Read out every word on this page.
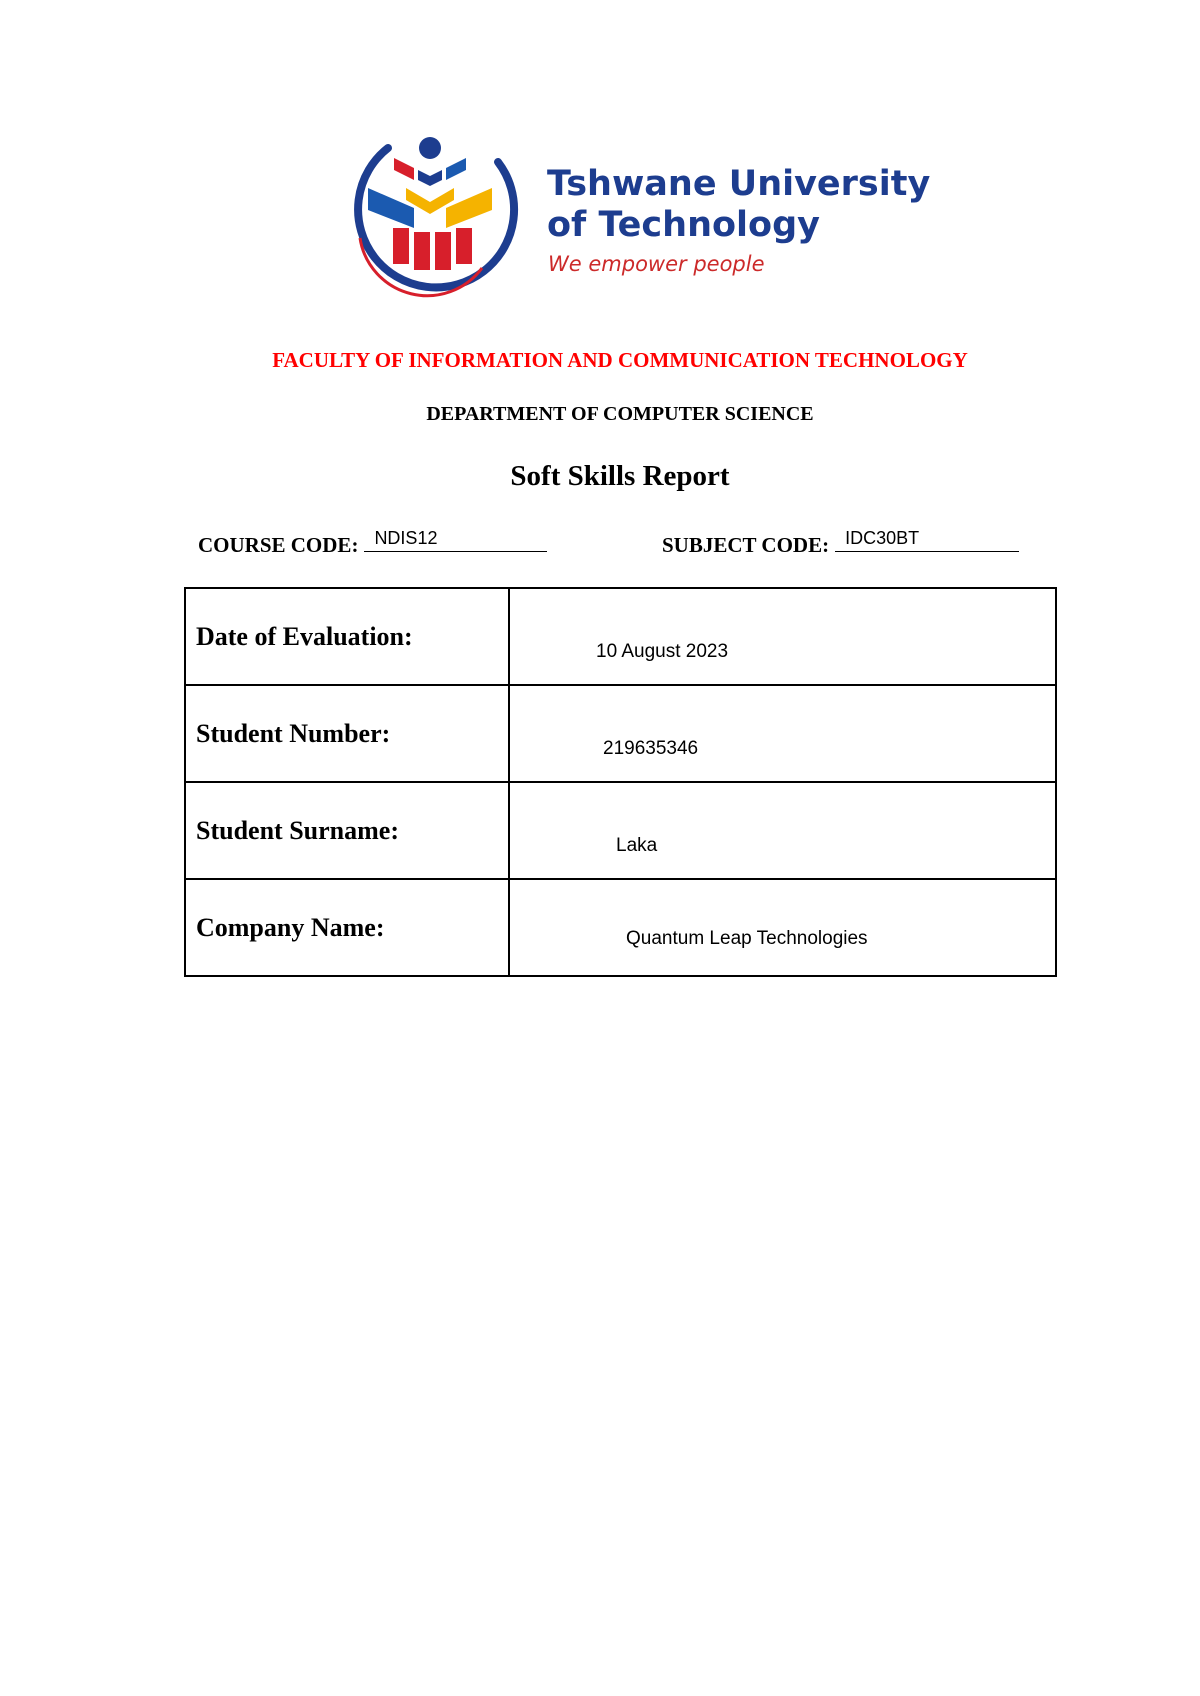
Tshwane University
of Technology
We empower people
FACULTY OF INFORMATION AND COMMUNICATION TECHNOLOGY
DEPARTMENT OF COMPUTER SCIENCE
Soft Skills Report
COURSE CODE: NDIS12	SUBJECT CODE: IDC30BT
Date of Evaluation:	10 August 2023

Student Number:	219635346

Student Surname:	Laka

Company Name:	Quantum Leap Technologies
